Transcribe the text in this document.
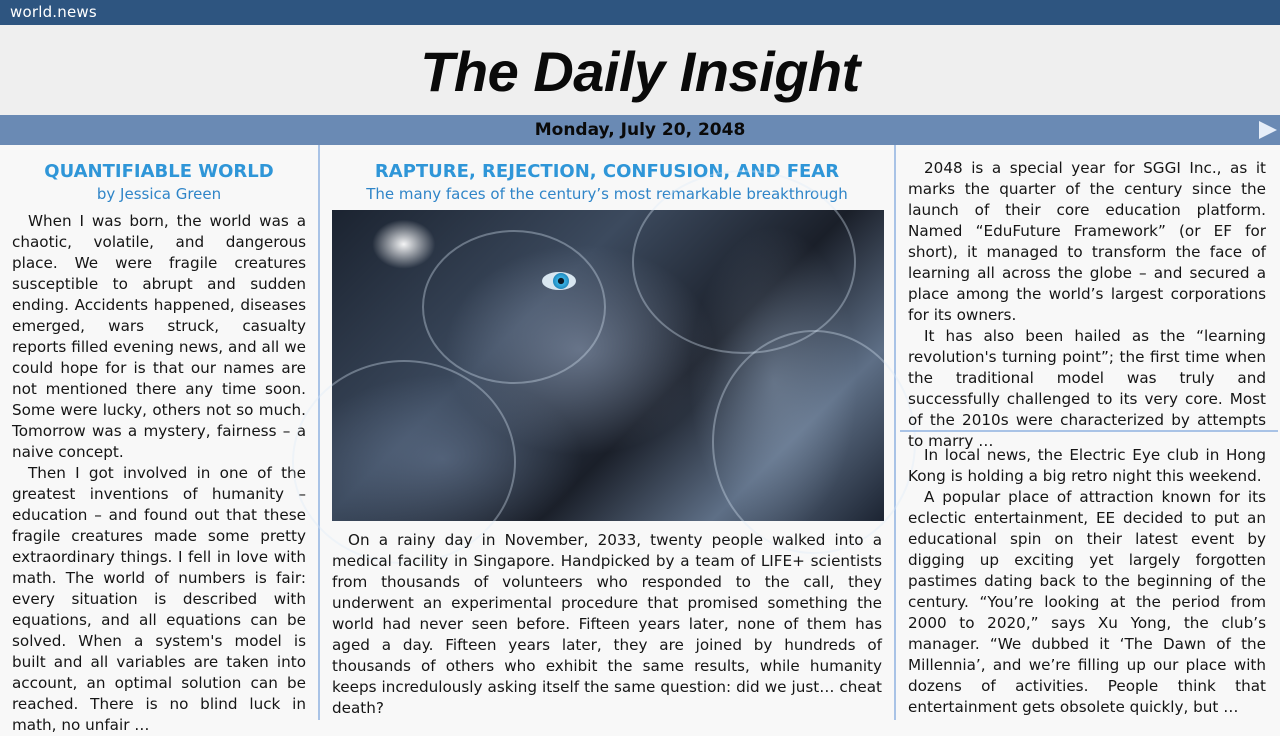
world.news
The Daily Insight
Monday, July 20, 2048
QUANTIFIABLE WORLD
by Jessica Green

When I was born, the world was a chaotic, volatile, and dangerous place. We were fragile creatures susceptible to abrupt and sudden ending. Accidents happened, diseases emerged, wars struck, casualty reports filled evening news, and all we could hope for is that our names are not mentioned there any time soon. Some were lucky, others not so much. Tomorrow was a mystery, fairness – a naive concept.

Then I got involved in one of the greatest inventions of humanity – education – and found out that these fragile creatures made some pretty extraordinary things. I fell in love with math. The world of numbers is fair: every situation is described with equations, and all equations can be solved. When a system's model is built and all variables are taken into account, an optimal solution can be reached. There is no blind luck in math, no unfair …

RAPTURE, REJECTION, CONFUSION, AND FEAR
The many faces of the century’s most remarkable breakthrough

On a rainy day in November, 2033, twenty people walked into a medical facility in Singapore. Handpicked by a team of LIFE+ scientists from thousands of volunteers who responded to the call, they underwent an experimental procedure that promised something the world had never seen before. Fifteen years later, none of them has aged a day. Fifteen years later, they are joined by hundreds of thousands of others who exhibit the same results, while humanity keeps incredulously asking itself the same question: did we just… cheat death?

2048 is a special year for SGGI Inc., as it marks the quarter of the century since the launch of their core education platform. Named “EduFuture Framework” (or EF for short), it managed to transform the face of learning all across the globe – and secured a place among the world’s largest corporations for its owners.

It has also been hailed as the “learning revolution's turning point”; the first time when the traditional model was truly and successfully challenged to its very core. Most of the 2010s were characterized by attempts to marry …

In local news, the Electric Eye club in Hong Kong is holding a big retro night this weekend.

A popular place of attraction known for its eclectic entertainment, EE decided to put an educational spin on their latest event by digging up exciting yet largely forgotten pastimes dating back to the beginning of the century. “You’re looking at the period from 2000 to 2020,” says Xu Yong, the club’s manager. “We dubbed it ‘The Dawn of the Millennia’, and we’re filling up our place with dozens of activities. People think that entertainment gets obsolete quickly, but …
